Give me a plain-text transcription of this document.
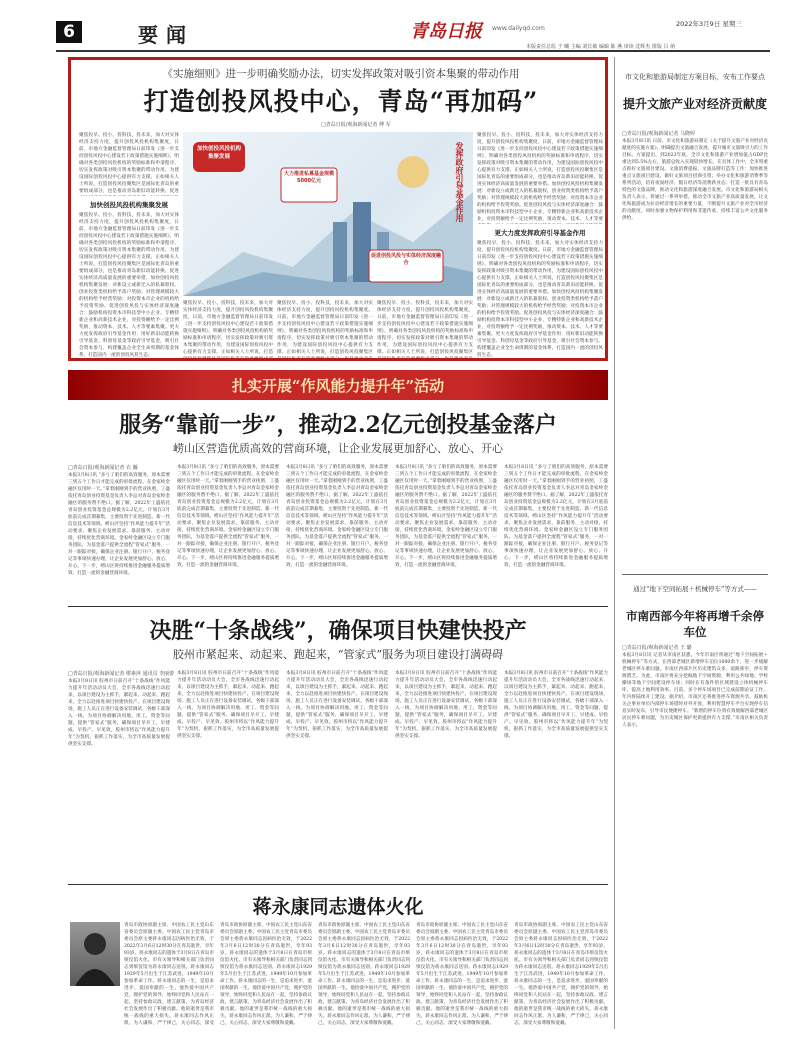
6	要闻	青岛日报 www.dailyqd.com
2022年3月9日 星期三
本版责任总监 于 曦 主编 刘长敏 编辑 陈 燕 审读 沈辉杰 排版 吕 萌
《实施细则》进一步明确奖励办法，切实发挥政策对吸引资本集聚的带动作用
打造创投风投中心，青岛“再加码”
□青岛日报/观海新闻记者 傅 军
聚焦投早、投小、投科技，投未来，加大对实体经济支持力度，提升创投风投机构集聚度。日前，市地方金融监督管理局日前印发《进一步支持创投风投中心建设若干政策措施实施细则》，明确对各类创投风投机构的奖励标准和申请程序，切实发挥政策对吸引资本集聚的带动作用，为建设国际创投风投中心提供有力支撑。正如相关人士所说，打造创投风投聚集区是国际化青岛的重要组成部分，也是推动青岛新旧动能转换、促进
加快创投风投机构集聚发展
聚焦投早、投小、投科技，投未来，加大对实体经济支持力度，提升创投风投机构集聚度。日前，市地方金融监督管理局日前印发《进一步支持创投风投中心建设若干政策措施实施细则》，明确对各类创投风投机构的奖励标准和申请程序，切实发挥政策对吸引资本集聚的带动作用，为建设国际创投风投中心提供有力支撑。正如相关人士所说，打造创投风投聚集区是国际化青岛的重要组成部分，也是推动青岛新旧动能转换、促进实体经济高质量发展的重要举措。加快创投风投机构集聚发展：对新设立或新迁入的私募股权、创业投资类机构给予落户奖励；对管理规模较大的机构给予经营奖励；对投资本市企业的机构给予投资奖励。促进创投风投与实体经济深度融合：鼓励机构投资本市科技型中小企业、专精特新企业和高新技术企业，对投资额给予一定比例奖励，推动资本、技术、人才等要素集聚。更大力度发挥政府引导基金作用：用好新旧动能转换引导基金、科创母基金等政府引导基金，吸引社会资本参与，构建覆盖企业全生命周期的基金体系，打造国内一流的创投风投生态。
加快创投风投机构集聚发展
大力推进私募基金规模5000亿元
促进创投风投与实体经济深度融合
发挥政府引导基金作用
聚焦投早、投小、投科技，投未来，加大对实体经济支持力度，提升创投风投机构集聚度。日前，市地方金融监督管理局日前印发《进一步支持创投风投中心建设若干政策措施实施细则》，明确对各类创投风投机构的奖励标准和申请程序，切实发挥政策对吸引资本集聚的带动作用，为建设国际创投风投中心提供有力支撑。正如相关人士所说，打造创投风投聚集区是国际化青岛的重要组成部分，也是推动青岛新旧动能转换、促进实体经济高质量发展的重要举措。加快创投风投机构集聚发展：对新设立或新迁入的私募股权、创业投资类机构给予落户奖励；对管理规模较大的机构给予经营奖励；对投资本市企业的机构给予投资奖励。促进创投风投与实体经济深度融合：鼓励机构投资本市科技型中小企业、专精特新企业和高新技术企业，对投资额给予一定比例奖励，推动资本、技术、人才等要
更大力度发挥政府引导基金作用
聚焦投早、投小、投科技，投未来，加大对实体经济支持力度，提升创投风投机构集聚度。日前，市地方金融监督管理局日前印发《进一步支持创投风投中心建设若干政策措施实施细则》，明确对各类创投风投机构的奖励标准和申请程序，切实发挥政策对吸引资本集聚的带动作用，为建设国际创投风投中心提供有力支撑。正如相关人士所说，打造创投风投聚集区是国际化青岛的重要组成部分，也是推动青岛新旧动能转换、促进实体经济高质量发展的重要举措。加快创投风投机构集聚发展：对新设立或新迁入的私募股权、创业投资类机构给予落户奖励；对管理规模较大的机构给予经营奖励；对投资本市企业的机构给予投资奖励。促进创投风投与实体经济深度融合：鼓励机构投资本市科技型中小企业、专精特新企业和高新技术企业，对投资额给予一定比例奖励，推动资本、技术、人才等要素集聚。更大力度发挥政府引导基金作用：用好新旧动能转换引导基金、科创母基金等政府引导基金，吸引社会资本参与，构建覆盖企业全生命周期的基金体系，打造国内一流的创投风投生态。
聚焦投早、投小、投科技，投未来，加大对实体经济支持力度，提升创投风投机构集聚度。日前，市地方金融监督管理局日前印发《进一步支持创投风投中心建设若干政策措施实施细则》，明确对各类创投风投机构的奖励标准和申请程序，切实发挥政策对吸引资本集聚的带动作用，为建设国际创投风投中心提供有力支撑。正如相关人士所说，打造
聚焦投早、投小、投科技，投未来，加大对实体经济支持力度，提升创投风投机构集聚度。日前，市地方金融监督管理局日前印发《进一步支持创投风投中心建设若干政策措施实施细则》，明确对各类创投风投机构的奖励标准和申请程序，切实发挥政策对吸引资本集聚的带动作用，为建设国际创投风投中心提供有力支撑。正如相关人士所说，打造创投风投聚集区
聚焦投早、投小、投科技，投未来，加大对实体经济支持力度，提升创投风投机构集聚度。日前，市地方金融监督管理局日前印发《进一步支持创投风投中心建设若干政策措施实施细则》，明确对各类创投风投机构的奖励标准和申请程序，切实发挥政策对吸引资本集聚的带动作用，为建设国际创投风投中心提供有力支撑。正如相关人士所说，打造创投风投聚集区
扎实开展“作风能力提升年”活动
服务“靠前一步”，推动2.2亿元创投基金落户
崂山区营造优质高效的营商环境，让企业发展更加舒心、放心、开心
□青岛日报/观海新闻记者 衣 瀚
本报3月8日讯 “多亏了咱们的高效服务，原本需要三到五个工作日才能完成的审批流程，在金家岭金融区仅用时一天。”拿着刚刚到手的营业执照，工盛依托青岛创业投资基金负责人李总对青岛金家岭金融区的服务赞不绝口。据了解，2022年工盛依托青岛创业投资基金总规模为2.2亿元，计划在3月底前完成首期募集，主要投资于先进制造、新一代信息技术等领域。崂山区坚持“作风能力提升年”活动要求，聚焦企业发展需求，靠前服务、主动对接，持续优化营商环境。金家岭金融区设立专门服务团队，为基金落户提供全流程“管家式”服务，一对一跟踪对接，确保企业注册、银行开户、税务登记等事项快速办理，让企业发展更加舒心、放心、开心。下一步，崂山区将持续推进金融服务提质增效，打造一流的金融营商环境。
本报3月8日讯 “多亏了咱们的高效服务，原本需要三到五个工作日才能完成的审批流程，在金家岭金融区仅用时一天。”拿着刚刚到手的营业执照，工盛依托青岛创业投资基金负责人李总对青岛金家岭金融区的服务赞不绝口。据了解，2022年工盛依托青岛创业投资基金总规模为2.2亿元，计划在3月底前完成首期募集，主要投资于先进制造、新一代信息技术等领域。崂山区坚持“作风能力提升年”活动要求，聚焦企业发展需求，靠前服务、主动对接，持续优化营商环境。金家岭金融区设立专门服务团队，为基金落户提供全流程“管家式”服务，一对一跟踪对接，确保企业注册、银行开户、税务登记等事项快速办理，让企业发展更加舒心、放心、开心。下一步，崂山区将持续推进金融服务提质增效，打造一流的金融营商环境。
本报3月8日讯 “多亏了咱们的高效服务，原本需要三到五个工作日才能完成的审批流程，在金家岭金融区仅用时一天。”拿着刚刚到手的营业执照，工盛依托青岛创业投资基金负责人李总对青岛金家岭金融区的服务赞不绝口。据了解，2022年工盛依托青岛创业投资基金总规模为2.2亿元，计划在3月底前完成首期募集，主要投资于先进制造、新一代信息技术等领域。崂山区坚持“作风能力提升年”活动要求，聚焦企业发展需求，靠前服务、主动对接，持续优化营商环境。金家岭金融区设立专门服务团队，为基金落户提供全流程“管家式”服务，一对一跟踪对接，确保企业注册、银行开户、税务登记等事项快速办理，让企业发展更加舒心、放心、开心。下一步，崂山区将持续推进金融服务提质增效，打造一流的金融营商环境。
本报3月8日讯 “多亏了咱们的高效服务，原本需要三到五个工作日才能完成的审批流程，在金家岭金融区仅用时一天。”拿着刚刚到手的营业执照，工盛依托青岛创业投资基金负责人李总对青岛金家岭金融区的服务赞不绝口。据了解，2022年工盛依托青岛创业投资基金总规模为2.2亿元，计划在3月底前完成首期募集，主要投资于先进制造、新一代信息技术等领域。崂山区坚持“作风能力提升年”活动要求，聚焦企业发展需求，靠前服务、主动对接，持续优化营商环境。金家岭金融区设立专门服务团队，为基金落户提供全流程“管家式”服务，一对一跟踪对接，确保企业注册、银行开户、税务登记等事项快速办理，让企业发展更加舒心、放心、开心。下一步，崂山区将持续推进金融服务提质增效，打造一流的金融营商环境。
本报3月8日讯 “多亏了咱们的高效服务，原本需要三到五个工作日才能完成的审批流程，在金家岭金融区仅用时一天。”拿着刚刚到手的营业执照，工盛依托青岛创业投资基金负责人李总对青岛金家岭金融区的服务赞不绝口。据了解，2022年工盛依托青岛创业投资基金总规模为2.2亿元，计划在3月底前完成首期募集，主要投资于先进制造、新一代信息技术等领域。崂山区坚持“作风能力提升年”活动要求，聚焦企业发展需求，靠前服务、主动对接，持续优化营商环境。金家岭金融区设立专门服务团队，为基金落户提供全流程“管家式”服务，一对一跟踪对接，确保企业注册、银行开户、税务登记等事项快速办理，让企业发展更加舒心、放心、开心。下一步，崂山区将持续推进金融服务提质增效，打造一流的金融营商环境。
决胜“十条战线”，确保项目快建快投产
胶州市紧起来、动起来、跑起来，“管家式”服务为项目建设打满碍碍
□青岛日报/观海新闻记者 缪素萍 通讯员 李丽蕾
本报3月8日讯 胶州市日前召开“十条战线”作风能力提升年活动动员大会，全市各战线迅速行动起来，以项目建设为主抓手，紧起来、动起来、跑起来，全力以赴推进项目快建快投产。在项目建设现场，施工人员正在进行设备安装调试，各级干部深入一线，为项目协调解决用地、用工、资金等问题，提供“管家式”服务，确保项目早开工、早建成、早投产、早见效。胶州市将以“作风能力提升年”为契机，狠抓工作落实，为全市高质量发展提供坚实支撑。
本报3月8日讯 胶州市日前召开“十条战线”作风能力提升年活动动员大会，全市各战线迅速行动起来，以项目建设为主抓手，紧起来、动起来、跑起来，全力以赴推进项目快建快投产。在项目建设现场，施工人员正在进行设备安装调试，各级干部深入一线，为项目协调解决用地、用工、资金等问题，提供“管家式”服务，确保项目早开工、早建成、早投产、早见效。胶州市将以“作风能力提升年”为契机，狠抓工作落实，为全市高质量发展提供坚实支撑。
本报3月8日讯 胶州市日前召开“十条战线”作风能力提升年活动动员大会，全市各战线迅速行动起来，以项目建设为主抓手，紧起来、动起来、跑起来，全力以赴推进项目快建快投产。在项目建设现场，施工人员正在进行设备安装调试，各级干部深入一线，为项目协调解决用地、用工、资金等问题，提供“管家式”服务，确保项目早开工、早建成、早投产、早见效。胶州市将以“作风能力提升年”为契机，狠抓工作落实，为全市高质量发展提供坚实支撑。
本报3月8日讯 胶州市日前召开“十条战线”作风能力提升年活动动员大会，全市各战线迅速行动起来，以项目建设为主抓手，紧起来、动起来、跑起来，全力以赴推进项目快建快投产。在项目建设现场，施工人员正在进行设备安装调试，各级干部深入一线，为项目协调解决用地、用工、资金等问题，提供“管家式”服务，确保项目早开工、早建成、早投产、早见效。胶州市将以“作风能力提升年”为契机，狠抓工作落实，为全市高质量发展提供坚实支撑。
本报3月8日讯 胶州市日前召开“十条战线”作风能力提升年活动动员大会，全市各战线迅速行动起来，以项目建设为主抓手，紧起来、动起来、跑起来，全力以赴推进项目快建快投产。在项目建设现场，施工人员正在进行设备安装调试，各级干部深入一线，为项目协调解决用地、用工、资金等问题，提供“管家式”服务，确保项目早开工、早建成、早投产、早见效。胶州市将以“作风能力提升年”为契机，狠抓工作落实，为全市高质量发展提供坚实支撑。
蒋永康同志遗体火化
青岛市政协原副主席、中国农工民主党山东省委员会原副主委、中国农工民主党青岛市委员会原主委蒋永康同志因病医治无效，于2022年3月6日12时30分在青岛逝世，享年93岁。蒋永康同志的遗体于3月8日在青岛市殡仪馆火化。市有关领导和相关部门负责同志到殡仪馆为蒋永康同志送别。蒋永康同志1929年5月出生于江苏武进，1949年10月参加革命工作。蒋永康同志的一生，是追求进步、爱国奉献的一生。他热爱中国共产党，拥护党的领导，始终同党和人民站在一起，坚持参政议政、建言献策，为青岛经济社会发展作出了积极贡献。他的逝世是我市统一战线的重大损失。蒋永康同志作风正派、为人谦和，严于律己，关心同志，深受
青岛市政协原副主席、中国农工民主党山东省委员会原副主委、中国农工民主党青岛市委员会原主委蒋永康同志因病医治无效，于2022年3月6日12时30分在青岛逝世，享年93岁。蒋永康同志的遗体于3月8日在青岛市殡仪馆火化。市有关领导和相关部门负责同志到殡仪馆为蒋永康同志送别。蒋永康同志1929年5月出生于江苏武进，1949年10月参加革命工作。蒋永康同志的一生，是追求进步、爱国奉献的一生。他热爱中国共产党，拥护党的领导，始终同党和人民站在一起，坚持参政议政、建言献策，为青岛经济社会发展作出了积极贡献。他的逝世是我市统一战线的重大损失。蒋永康同志作风正派、为人谦和，严于律己，关心同志，深受大家尊敬和爱戴。
青岛市政协原副主席、中国农工民主党山东省委员会原副主委、中国农工民主党青岛市委员会原主委蒋永康同志因病医治无效，于2022年3月6日12时30分在青岛逝世，享年93岁。蒋永康同志的遗体于3月8日在青岛市殡仪馆火化。市有关领导和相关部门负责同志到殡仪馆为蒋永康同志送别。蒋永康同志1929年5月出生于江苏武进，1949年10月参加革命工作。蒋永康同志的一生，是追求进步、爱国奉献的一生。他热爱中国共产党，拥护党的领导，始终同党和人民站在一起，坚持参政议政、建言献策，为青岛经济社会发展作出了积极贡献。他的逝世是我市统一战线的重大损失。蒋永康同志作风正派、为人谦和，严于律己，关心同志，深受大家尊敬和爱戴。
青岛市政协原副主席、中国农工民主党山东省委员会原副主委、中国农工民主党青岛市委员会原主委蒋永康同志因病医治无效，于2022年3月6日12时30分在青岛逝世，享年93岁。蒋永康同志的遗体于3月8日在青岛市殡仪馆火化。市有关领导和相关部门负责同志到殡仪馆为蒋永康同志送别。蒋永康同志1929年5月出生于江苏武进，1949年10月参加革命工作。蒋永康同志的一生，是追求进步、爱国奉献的一生。他热爱中国共产党，拥护党的领导，始终同党和人民站在一起，坚持参政议政、建言献策，为青岛经济社会发展作出了积极贡献。他的逝世是我市统一战线的重大损失。蒋永康同志作风正派、为人谦和，严于律己，关心同志，深受大家尊敬和爱戴。
青岛市政协原副主席、中国农工民主党山东省委员会原副主委、中国农工民主党青岛市委员会原主委蒋永康同志因病医治无效，于2022年3月6日12时30分在青岛逝世，享年93岁。蒋永康同志的遗体于3月8日在青岛市殡仪馆火化。市有关领导和相关部门负责同志到殡仪馆为蒋永康同志送别。蒋永康同志1929年5月出生于江苏武进，1949年10月参加革命工作。蒋永康同志的一生，是追求进步、爱国奉献的一生。他热爱中国共产党，拥护党的领导，始终同党和人民站在一起，坚持参政议政、建言献策，为青岛经济社会发展作出了积极贡献。他的逝世是我市统一战线的重大损失。蒋永康同志作风正派、为人谦和，严于律己，关心同志，深受大家尊敬和爱戴。
市文化和旅游局制定方案目标，安布工作要点
提升文旅产业对经济贡献度
□青岛日报/观海新闻记者 马晓婷
本报3月8日讯 日前，市文化和旅游局制定《关于提升文旅产业对经济贡献度的实施方案》，明确提出文旅融合发展、提升城市文旅吸引力的工作目标。方案提出，到2022年底，全市文化和旅游产业增加值占GDP比重达到5.5%左右，旅游总收入实现较快增长。在具体工作中，全市将重点抓好文旅项目建设、文旅消费提振、文旅品牌打造等工作：加快推进重点文旅项目建设，做好文旅项目招商引资；举办文化和旅游消费季等系列活动，培育夜间经济、假日经济等消费新业态；打造一批具有青岛特色的文旅品牌，推动文化和旅游深度融合发展。市文化和旅游局相关负责人表示，将通过一系列举措，推动全市文旅产业高质量发展，让文化和旅游成为拉动经济增长的重要力量，不断提升文旅产业对全市经济的贡献度。同时加强文物保护利用和非遗传承，持续丰富公共文化服务供给。
通过“地下空间拓展＋机械停车”等方式——
市南西部今年将再增千余停车位
□青岛日报/观海新闻记者 王 璐
本报3月8日讯 记者从市南区获悉，今年市南区将通过“地下空间拓展＋机械停车”等方式，在西部老城区新增停车泊位1000余个，进一步缓解老城区停车难问题。市南区西部片区历史建筑众多，道路狭窄，停车资源匮乏。为此，市南区将充分挖掘地下空间资源，利用公共绿地、学校操场等地下空间建设停车场；同时在有条件的区域建设立体机械停车库，提高土地利用效率。目前，多个停车场项目已完成前期论证工作，年内将陆续开工建设。据介绍，市南区还将推进停车资源共享，鼓励机关企事业单位内部停车场错时对外开放，利用智慧停车平台实现停车信息实时发布，引导市民便捷停车。“新增的停车位将有效缓解西部老城区居民停车难问题，为历史城区保护更新提供有力支撑。”市南区相关负责人表示。
